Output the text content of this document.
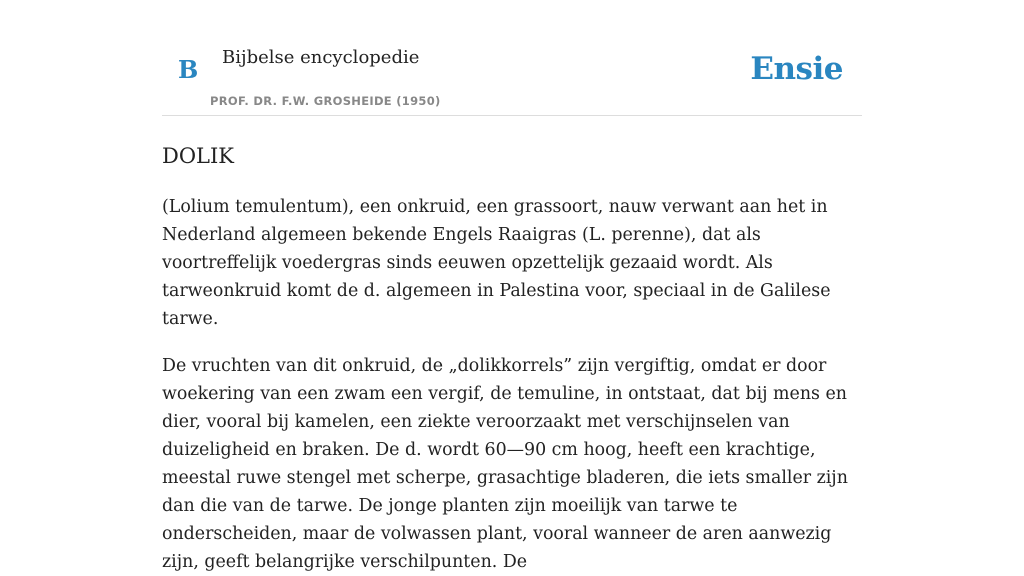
B Bijbelse encyclopedie
PROF. DR. F.W. GROSHEIDE (1950)
Ensie
DOLIK

(Lolium temulentum), een onkruid, een grassoort, nauw verwant aan het in Nederland algemeen bekende Engels Raaigras (L. perenne), dat als voortreffelijk voedergras sinds eeuwen opzettelijk gezaaid wordt. Als tarweonkruid komt de d. algemeen in Palestina voor, speciaal in de Galilese tarwe.

De vruchten van dit onkruid, de „dolikkorrels” zijn vergiftig, omdat er door woekering van een zwam een vergif, de temuline, in ontstaat, dat bij mens en dier, vooral bij kamelen, een ziekte veroorzaakt met verschijnselen van duizeligheid en braken. De d. wordt 60—90 cm hoog, heeft een krachtige, meestal ruwe stengel met scherpe, grasachtige bladeren, die iets smaller zijn dan die van de tarwe. De jonge planten zijn moeilijk van tarwe te onderscheiden, maar de volwassen plant, vooral wanneer de aren aanwezig zijn, geeft belangrijke verschilpunten. De
